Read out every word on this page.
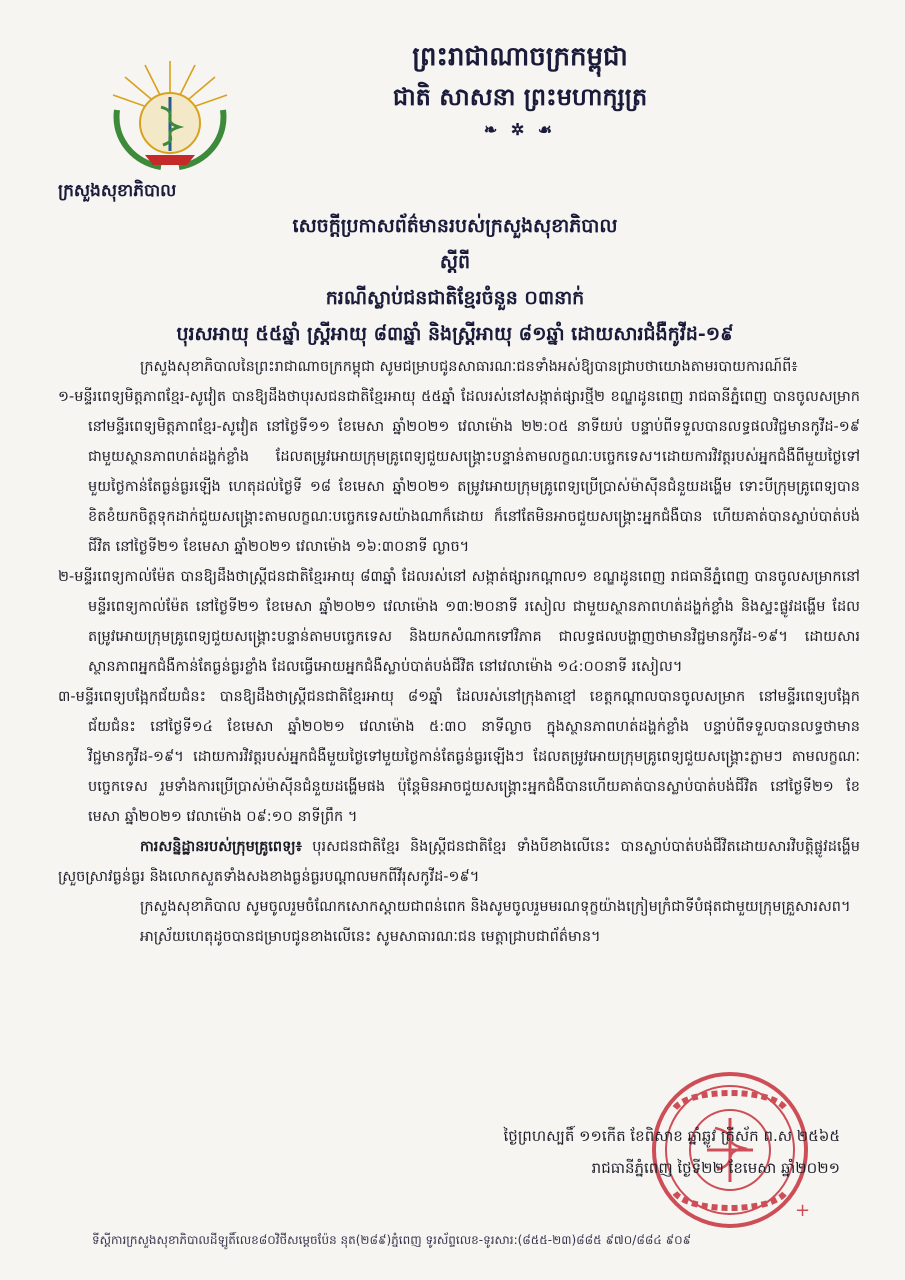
ក្រសួងសុខាភិបាល
ព្រះរាជាណាចក្រកម្ពុជា
ជាតិ សាសនា ព្រះមហាក្សត្រ
❧ ✲ ☙
សេចក្តីប្រកាសព័ត៌មានរបស់ក្រសួងសុខាភិបាល
ស្តីពី
ករណីស្លាប់ជនជាតិខ្មែរចំនួន ០៣នាក់
បុរសអាយុ ៥៥ឆ្នាំ ស្ត្រីអាយុ ៨៣ឆ្នាំ និងស្ត្រីអាយុ ៨១ឆ្នាំ ដោយសារជំងឺកូវីដ-១៩

ក្រសួងសុខាភិបាលនៃព្រះរាជាណាចក្រកម្ពុជា សូមជម្រាបជូនសាធារណៈជនទាំងអស់ឱ្យបានជ្រាបថាយោងតាមរបាយការណ៍ពី៖

១-មន្ទីរពេទ្យមិត្តភាពខ្មែរ-សូវៀត បានឱ្យដឹងថាបុរសជនជាតិខ្មែរអាយុ ៥៥ឆ្នាំ ដែលរស់នៅសង្កាត់ផ្សារថ្មី២ ខណ្ឌដូនពេញ រាជធានីភ្នំពេញ បានចូលសម្រាកនៅមន្ទីរពេទ្យមិត្តភាពខ្មែរ-សូវៀត នៅថ្ងៃទី១១ ខែមេសា ឆ្នាំ២០២១ វេលាម៉ោង ២២:០៥ នាទីយប់ បន្ទាប់ពីទទួលបានលទ្ធផលវិជ្ជមានកូវីដ-១៩ ជាមួយស្ថានភាពហត់ដង្ហក់ខ្លាំង ដែលតម្រូវអោយក្រុមគ្រូពេទ្យជួយសង្គ្រោះបន្ទាន់តាមលក្ខណៈបច្ចេកទេស។ដោយការវិវត្តរបស់អ្នកជំងឺពីមួយថ្ងៃទៅមួយថ្ងៃកាន់តែធ្ងន់ធ្ងរឡើង ហេតុដល់ថ្ងៃទី ១៨ ខែមេសា ឆ្នាំ២០២១ តម្រូវអោយក្រុមគ្រូពេទ្យប្រើប្រាស់ម៉ាស៊ីនជំនួយដង្ហើម ទោះបីក្រុមគ្រូពេទ្យបានខិតខំយកចិត្តទុកដាក់ជួយសង្គ្រោះតាមលក្ខណៈបច្ចេកទេសយ៉ាងណាក៏ដោយ ក៏នៅតែមិនអាចជួយសង្គ្រោះអ្នកជំងឺបាន ហើយគាត់បានស្លាប់បាត់បង់ជីវិត នៅថ្ងៃទី២១ ខែមេសា ឆ្នាំ២០២១ វេលាម៉ោង ១៦:៣០នាទី ល្ងាច។

២-មន្ទីរពេទ្យកាល់ម៉ែត បានឱ្យដឹងថាស្ត្រីជនជាតិខ្មែរអាយុ ៨៣ឆ្នាំ ដែលរស់នៅ សង្កាត់ផ្សារកណ្តាល១ ខណ្ឌដូនពេញ រាជធានីភ្នំពេញ បានចូលសម្រាកនៅមន្ទីរពេទ្យកាល់ម៉ែត នៅថ្ងៃទី២១ ខែមេសា ឆ្នាំ២០២១ វេលាម៉ោង ១៣:២០នាទី រសៀល ជាមួយស្ថានភាពហត់ដង្ហក់ខ្លាំង និងស្ទះផ្លូវដង្ហើម ដែលតម្រូវអោយក្រុមគ្រូពេទ្យជួយសង្គ្រោះបន្ទាន់តាមបច្ចេកទេស និងយកសំណាកទៅវិភាគ ជាលទ្ធផលបង្ហាញថាមានវិជ្ជមានកូវីដ-១៩។ ដោយសារស្ថានភាពអ្នកជំងឺកាន់តែធ្ងន់ធ្ងរខ្លាំង ដែលធ្វើអោយអ្នកជំងឺស្លាប់បាត់បង់ជីវិត នៅវេលាម៉ោង ១៤:០០នាទី រសៀល។

៣-មន្ទីរពេទ្យបង្អែកជ័យជំនះ បានឱ្យដឹងថាស្ត្រីជនជាតិខ្មែរអាយុ ៨១ឆ្នាំ ដែលរស់នៅក្រុងតាខ្មៅ ខេត្តកណ្តាលបានចូលសម្រាក នៅមន្ទីរពេទ្យបង្អែកជ័យជំនះ នៅថ្ងៃទី១៤ ខែមេសា ឆ្នាំ២០២១ វេលាម៉ោង ៥:៣០ នាទីល្ងាច ក្នុងស្ថានភាពហត់ដង្ហក់ខ្លាំង បន្ទាប់ពីទទួលបានលទ្ធថាមានវិជ្ជមានកូវីដ-១៩។ ដោយការវិវត្តរបស់អ្នកជំងឺមួយថ្ងៃទៅមួយថ្ងៃកាន់តែធ្ងន់ធ្ងរឡើងៗ ដែលតម្រូវអោយក្រុមគ្រូពេទ្យជួយសង្គ្រោះភ្លាមៗ តាមលក្ខណៈបច្ចេកទេស រួមទាំងការប្រើប្រាស់ម៉ាស៊ីនជំនួយដង្ហើមផង ប៉ុន្តែមិនអាចជួយសង្គ្រោះអ្នកជំងឺបានហើយគាត់បានស្លាប់បាត់បង់ជីវិត នៅថ្ងៃទី២១ ខែមេសា ឆ្នាំ២០២១ វេលាម៉ោង ០៩:១០ នាទីព្រឹក ។

ការសន្និដ្ឋានរបស់ក្រុមគ្រូពេទ្យ៖ បុរសជនជាតិខ្មែរ និងស្ត្រីជនជាតិខ្មែរ ទាំងបីខាងលើនេះ បានស្លាប់បាត់បង់ជីវិតដោយសារវិបត្តិផ្លូវដង្ហើមស្រួចស្រាវធ្ងន់ធ្ងរ និងលោកសួតទាំងសងខាងធ្ងន់ធ្ងរបណ្តាលមកពីវីរុសកូវីដ-១៩។

ក្រសួងសុខាភិបាល សូមចូលរួមចំណែកសោកស្តាយជាពន់ពេក និងសូមចូលរួមមរណទុក្ខយ៉ាងក្រៀមក្រំជាទីបំផុតជាមួយក្រុមគ្រួសារសព។

អាស្រ័យហេតុដូចបានជម្រាបជូនខាងលើនេះ សូមសាធារណៈជន មេត្តាជ្រាបជាព័ត៌មាន។

+
ថ្ងៃព្រហស្បតិ៍ ១១កើត ខែពិសាខ ឆ្នាំឆ្លូវ ត្រីស័ក ព.ស ២៥៦៥
រាជធានីភ្នំពេញ ថ្ងៃទី២២ ខែមេសា ឆ្នាំ២០២១
ទីស្តីការក្រសួងសុខាភិបាលដីឡូតិ៍លេខ៨០វិថីសម្តេចប៉ែន នុត(២៨៩)ភ្នំពេញ ទូរស័ព្ទលេខ-ទូរសារ:(៨៥៥-២៣)៨៨៥ ៩៧០/៨៨៤ ៩០៩
